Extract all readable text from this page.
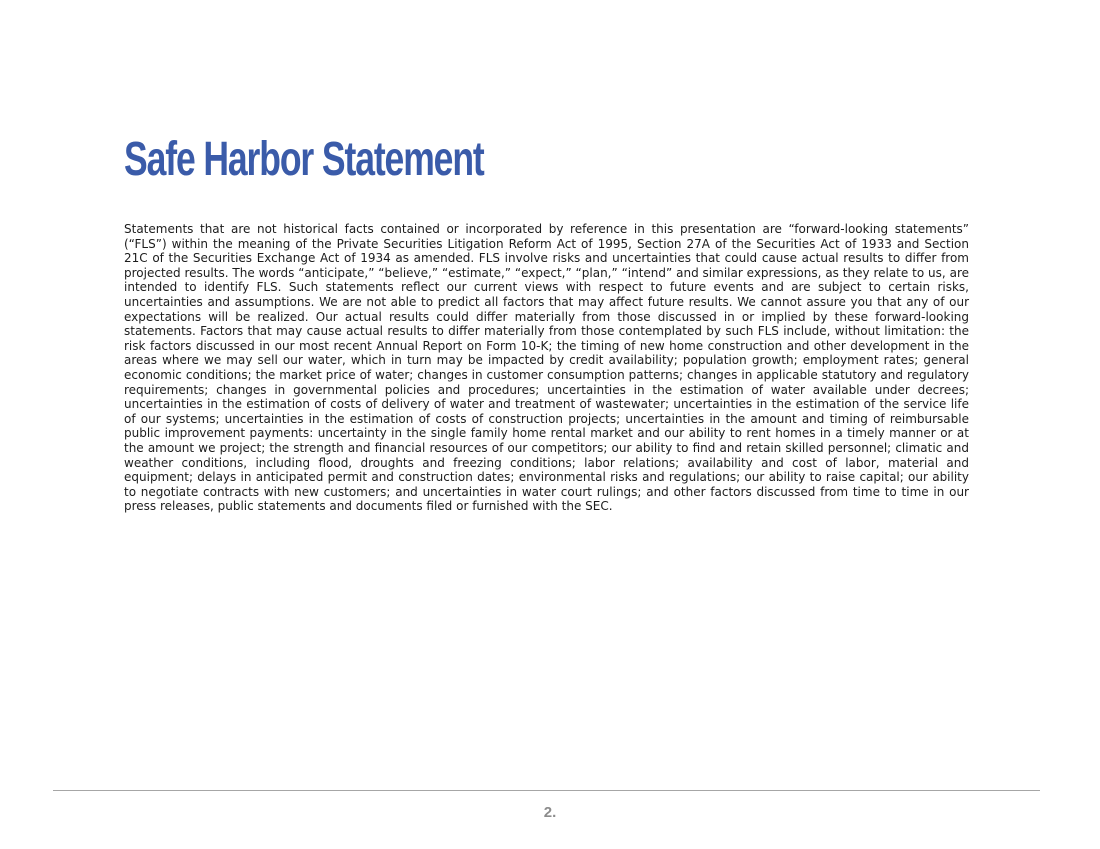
Safe Harbor Statement

Statements that are not historical facts contained or incorporated by reference in this presentation are “forward-looking statements” (“FLS”) within the meaning of the Private Securities Litigation Reform Act of 1995, Section 27A of the Securities Act of 1933 and Section 21C of the Securities Exchange Act of 1934 as amended. FLS involve risks and uncertainties that could cause actual results to differ from projected results. The words “anticipate,” “believe,” “estimate,” “expect,” “plan,” “intend” and similar expressions, as they relate to us, are intended to identify FLS. Such statements reflect our current views with respect to future events and are subject to certain risks, uncertainties and assumptions. We are not able to predict all factors that may affect future results. We cannot assure you that any of our expectations will be realized. Our actual results could differ materially from those discussed in or implied by these forward-looking statements. Factors that may cause actual results to differ materially from those contemplated by such FLS include, without limitation: the risk factors discussed in our most recent Annual Report on Form 10-K; the timing of new home construction and other development in the areas where we may sell our water, which in turn may be impacted by credit availability; population growth; employment rates; general economic conditions; the market price of water; changes in customer consumption patterns; changes in applicable statutory and regulatory requirements; changes in governmental policies and procedures; uncertainties in the estimation of water available under decrees; uncertainties in the estimation of costs of delivery of water and treatment of wastewater; uncertainties in the estimation of the service life of our systems; uncertainties in the estimation of costs of construction projects; uncertainties in the amount and timing of reimbursable public improvement payments: uncertainty in the single family home rental market and our ability to rent homes in a timely manner or at the amount we project; the strength and financial resources of our competitors; our ability to find and retain skilled personnel; climatic and weather conditions, including flood, droughts and freezing conditions; labor relations; availability and cost of labor, material and equipment; delays in anticipated permit and construction dates; environmental risks and regulations; our ability to raise capital; our ability to negotiate contracts with new customers; and uncertainties in water court rulings; and other factors discussed from time to time in our press releases, public statements and documents filed or furnished with the SEC.

2.
